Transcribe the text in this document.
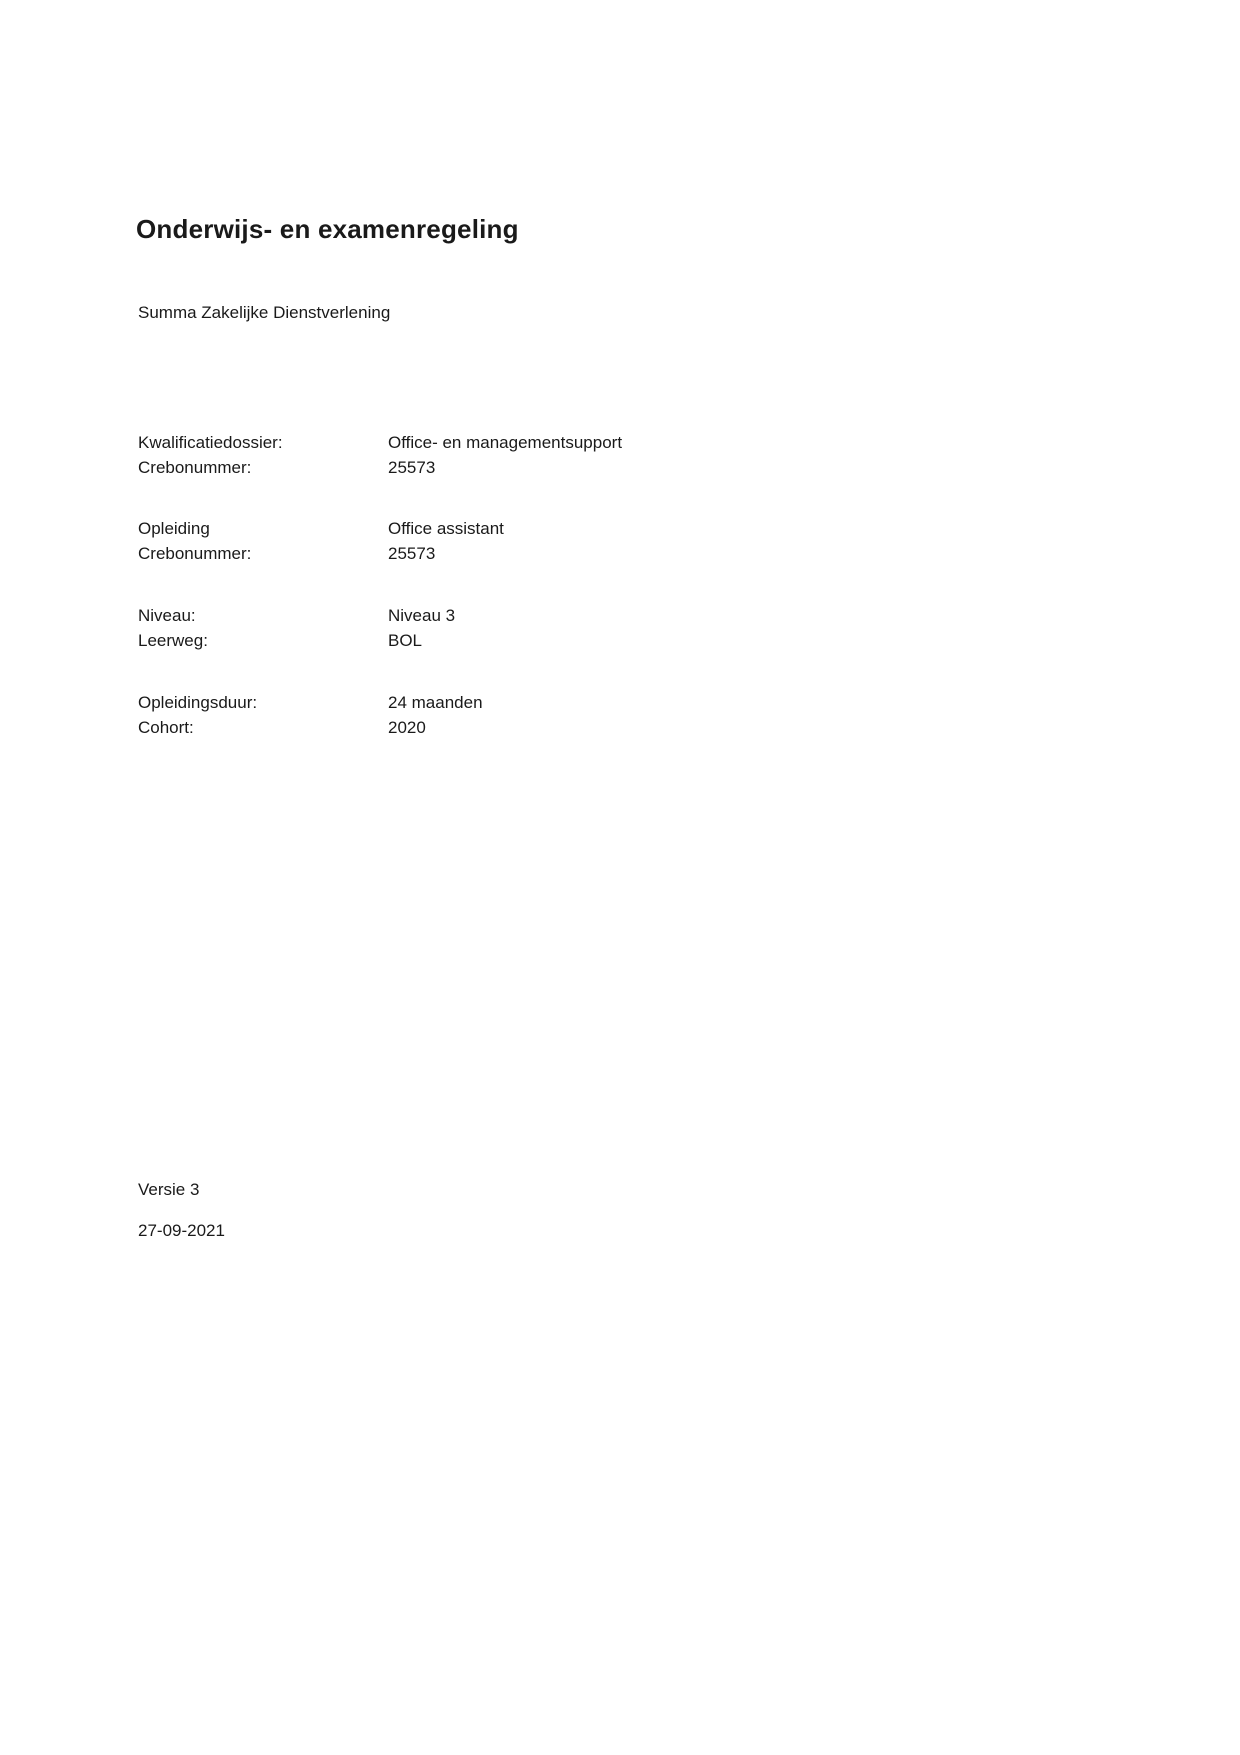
Onderwijs- en examenregeling

Summa Zakelijke Dienstverlening

Kwalificatiedossier:	Office- en managementsupport
Crebonummer:	25573
Opleiding	Office assistant
Crebonummer:	25573
Niveau:	Niveau 3
Leerweg:	BOL
Opleidingsduur:	24 maanden
Cohort:	2020

Versie 3

27-09-2021
